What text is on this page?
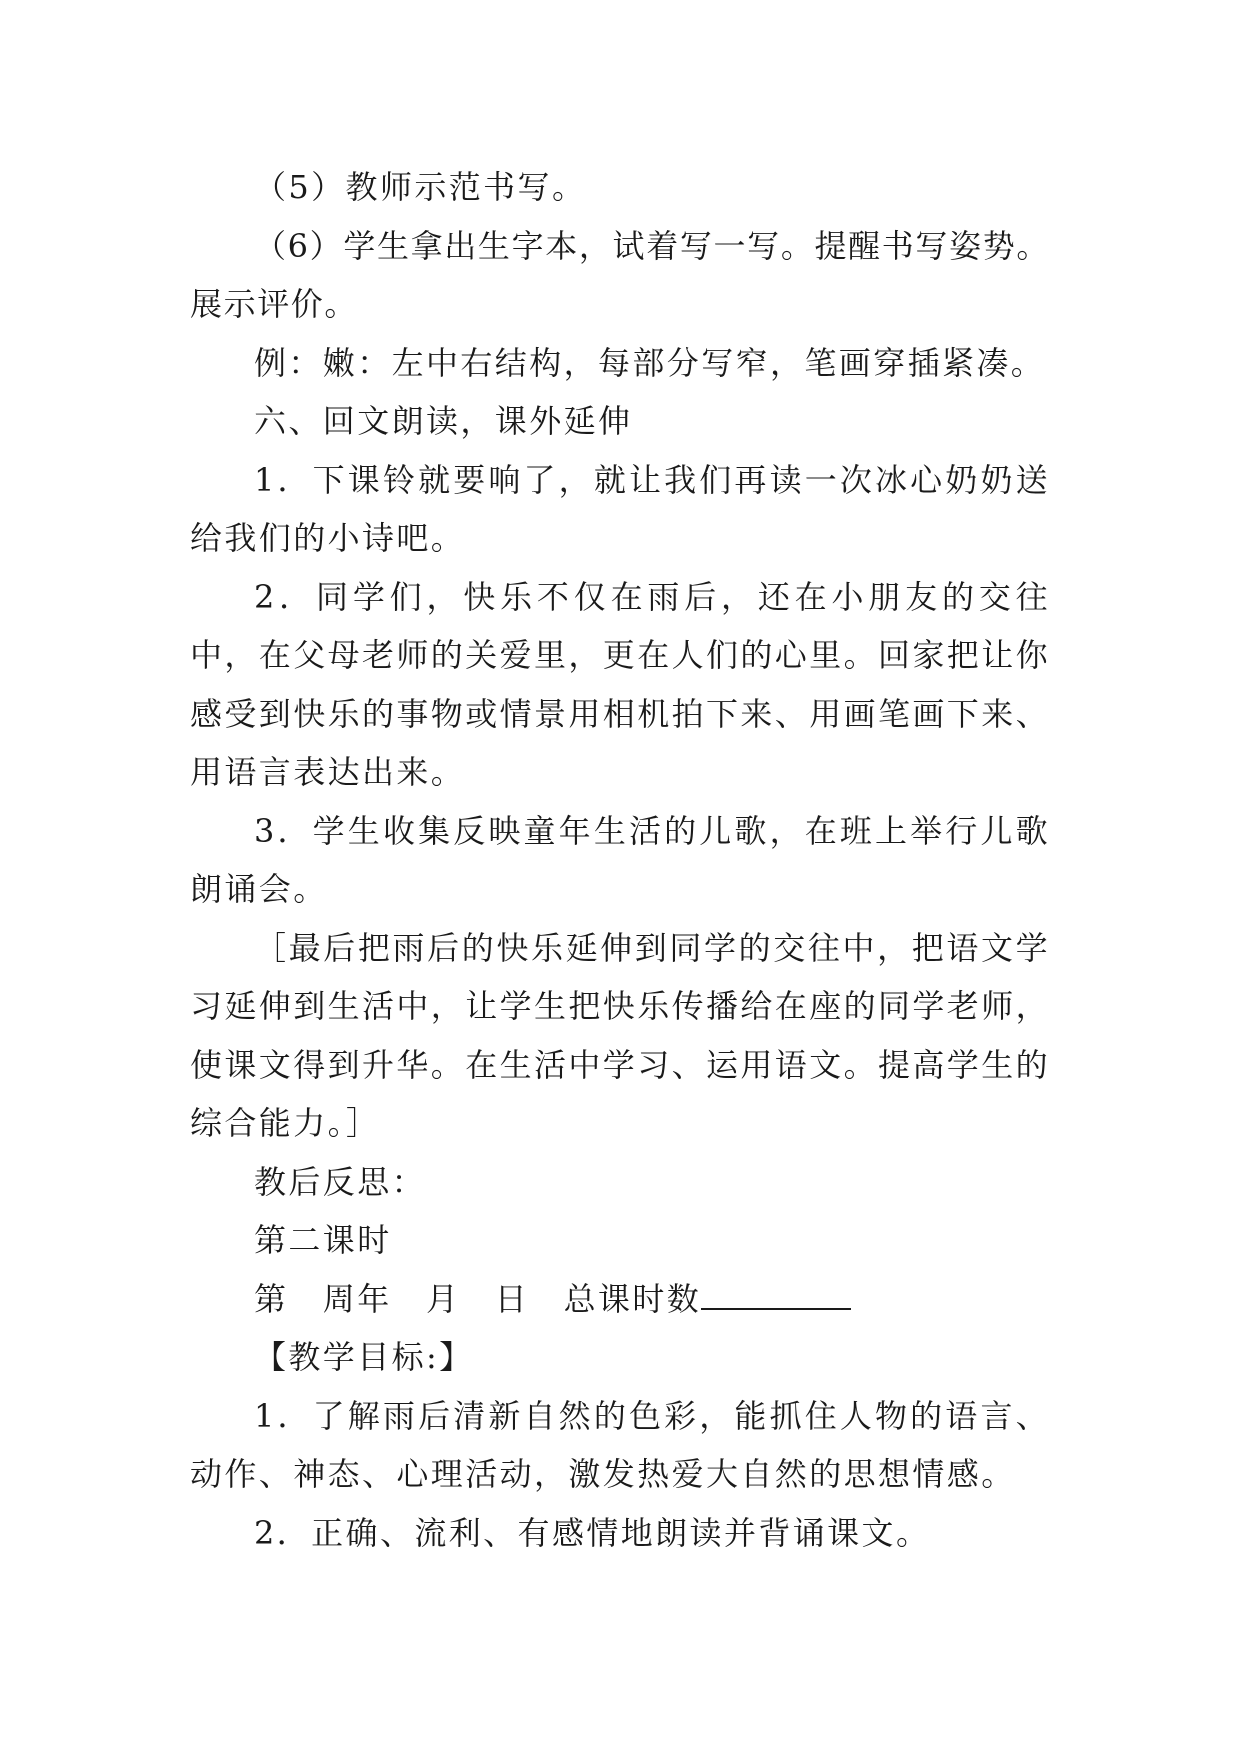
（5）教师示范书写。

（6）学生拿出生字本，试着写一写。提醒书写姿势。展示评价。

例：嫩：左中右结构，每部分写窄，笔画穿插紧凑。

六、回文朗读，课外延伸

1．下课铃就要响了，就让我们再读一次冰心奶奶送给我们的小诗吧。

2．同学们，快乐不仅在雨后，还在小朋友的交往中，在父母老师的关爱里，更在人们的心里。回家把让你感受到快乐的事物或情景用相机拍下来、用画笔画下来、用语言表达出来。

3．学生收集反映童年生活的儿歌，在班上举行儿歌朗诵会。

［最后把雨后的快乐延伸到同学的交往中，把语文学习延伸到生活中，让学生把快乐传播给在座的同学老师，使课文得到升华。在生活中学习、运用语文。提高学生的综合能力。］

教后反思：

第二课时

第　周年　月　日　总课时数

【教学目标:】

1．了解雨后清新自然的色彩，能抓住人物的语言、动作、神态、心理活动，激发热爱大自然的思想情感。

2．正确、流利、有感情地朗读并背诵课文。
